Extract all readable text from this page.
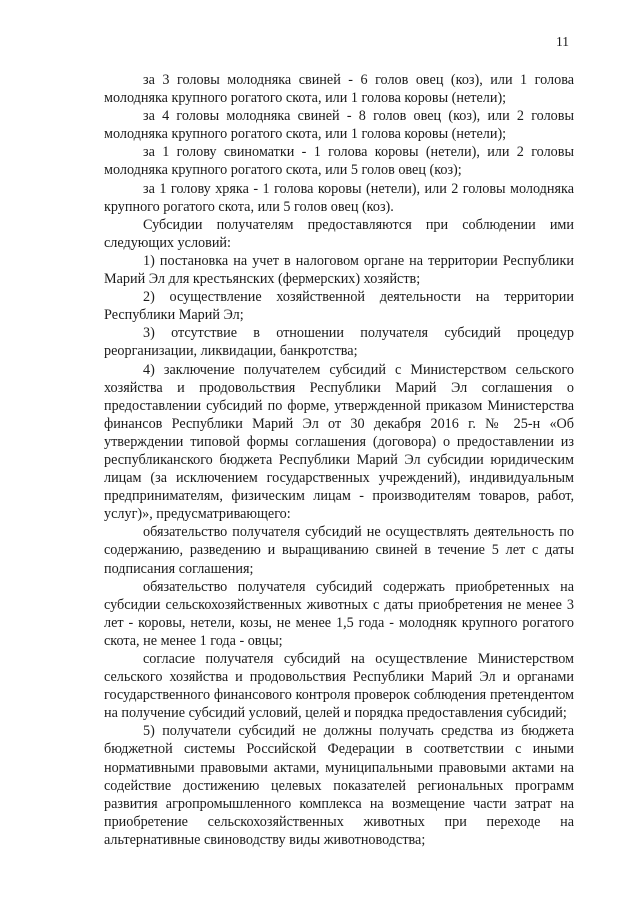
11

за 3 головы молодняка свиней - 6 голов овец (коз), или 1 голова молодняка крупного рогатого скота, или 1 голова коровы (нетели);

за 4 головы молодняка свиней - 8 голов овец (коз), или 2 головы молодняка крупного рогатого скота, или 1 голова коровы (нетели);

за 1 голову свиноматки - 1 голова коровы (нетели), или 2 головы молодняка крупного рогатого скота, или 5 голов овец (коз);

за 1 голову хряка - 1 голова коровы (нетели), или 2 головы молодняка крупного рогатого скота, или 5 голов овец (коз).

Субсидии получателям предоставляются при соблюдении ими следующих условий:

1) постановка на учет в налоговом органе на территории Республики Марий Эл для крестьянских (фермерских) хозяйств;

2) осуществление хозяйственной деятельности на территории Республики Марий Эл;

3) отсутствие в отношении получателя субсидий процедур реорганизации, ликвидации, банкротства;

4) заключение получателем субсидий с Министерством сельского хозяйства и продовольствия Республики Марий Эл соглашения о предоставлении субсидий по форме, утвержденной приказом Министерства финансов Республики Марий Эл от 30 декабря 2016 г. № 25-н «Об утверждении типовой формы соглашения (договора) о предоставлении из республиканского бюджета Республики Марий Эл субсидии юридическим лицам (за исключением государственных учреждений), индивидуальным предпринимателям, физическим лицам - производителям товаров, работ, услуг)», предусматривающего:

обязательство получателя субсидий не осуществлять деятельность по содержанию, разведению и выращиванию свиней в течение 5 лет с даты подписания соглашения;

обязательство получателя субсидий содержать приобретенных на субсидии сельскохозяйственных животных с даты приобретения не менее 3 лет - коровы, нетели, козы, не менее 1,5 года - молодняк крупного рогатого скота, не менее 1 года - овцы;

согласие получателя субсидий на осуществление Министерством сельского хозяйства и продовольствия Республики Марий Эл и органами государственного финансового контроля проверок соблюдения претендентом на получение субсидий условий, целей и порядка предоставления субсидий;

5) получатели субсидий не должны получать средства из бюджета бюджетной системы Российской Федерации в соответствии с иными нормативными правовыми актами, муниципальными правовыми актами на содействие достижению целевых показателей региональных программ развития агропромышленного комплекса на возмещение части затрат на приобретение сельскохозяйственных животных при переходе на альтернативные свиноводству виды животноводства;
